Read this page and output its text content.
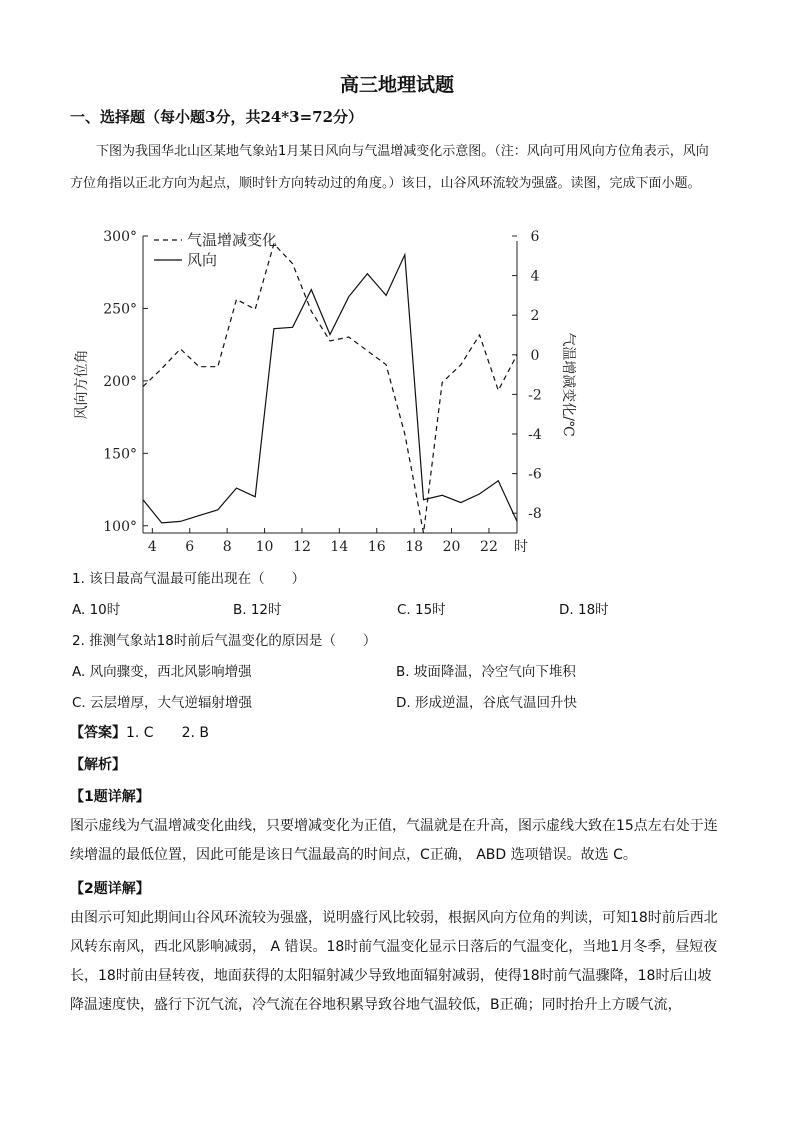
高三地理试题
一、选择题（每小题3分，共24*3=72分）
下图为我国华北山区某地气象站1月某日风向与气温增减变化示意图。（注：风向可用风向方位角表示，风向方位角指以正北方向为起点，顺时针方向转动过的角度。）该日，山谷风环流较为强盛。读图，完成下面小题。
100°
150°
200°
250°
300°
-8
-6
-4
-2
0
2
4
6
4 6 8 10 12 14 16 18 20 22 时
气温增减变化
风向
风向方位角	气温增减变化/℃
1. 该日最高气温最可能出现在（　　）
A. 10时	B. 12时	C. 15时	D. 18时
2. 推测气象站18时前后气温变化的原因是（　　）
A. 风向骤变，西北风影响增强	B. 坡面降温，冷空气向下堆积
C. 云层增厚，大气逆辐射增强	D. 形成逆温，谷底气温回升快
【答案】1. C　　2. B
【解析】
【1题详解】
图示虚线为气温增减变化曲线，只要增减变化为正值，气温就是在升高，图示虚线大致在15点左右处于连续增温的最低位置，因此可能是该日气温最高的时间点，C正确， ABD 选项错误。故选 C。
【2题详解】
由图示可知此期间山谷风环流较为强盛，说明盛行风比较弱，根据风向方位角的判读，可知18时前后西北风转东南风，西北风影响减弱， A 错误。18时前气温变化显示日落后的气温变化，当地1月冬季，昼短夜长，18时前由昼转夜，地面获得的太阳辐射减少导致地面辐射减弱，使得18时前气温骤降，18时后山坡降温速度快，盛行下沉气流，冷气流在谷地积累导致谷地气温较低，B正确；同时抬升上方暖气流，
